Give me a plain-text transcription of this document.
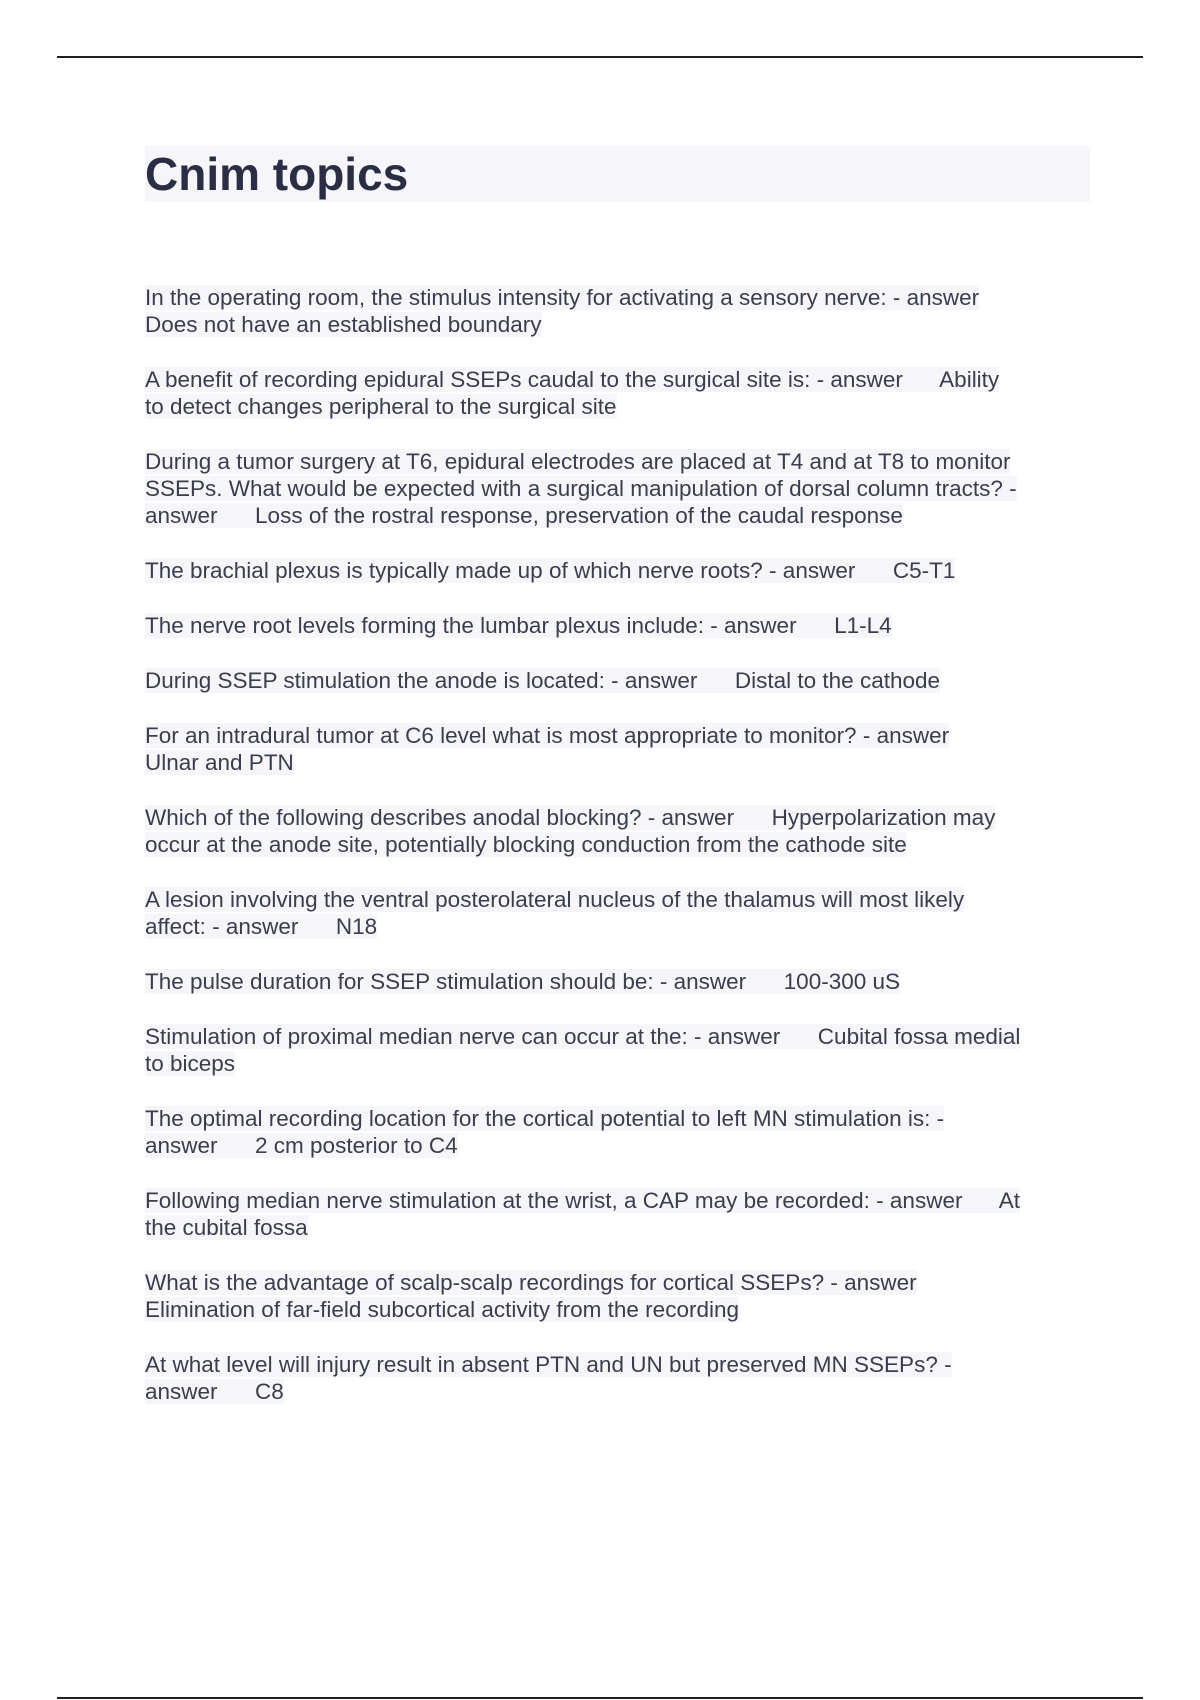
Cnim topics

In the operating room, the stimulus intensity for activating a sensory nerve: - answer
Does not have an established boundary

A benefit of recording epidural SSEPs caudal to the surgical site is: - answer      Ability
to detect changes peripheral to the surgical site

During a tumor surgery at T6, epidural electrodes are placed at T4 and at T8 to monitor
SSEPs. What would be expected with a surgical manipulation of dorsal column tracts? -
answer      Loss of the rostral response, preservation of the caudal response

The brachial plexus is typically made up of which nerve roots? - answer      C5-T1

The nerve root levels forming the lumbar plexus include: - answer      L1-L4

During SSEP stimulation the anode is located: - answer      Distal to the cathode

For an intradural tumor at C6 level what is most appropriate to monitor? - answer
Ulnar and PTN

Which of the following describes anodal blocking? - answer      Hyperpolarization may
occur at the anode site, potentially blocking conduction from the cathode site

A lesion involving the ventral posterolateral nucleus of the thalamus will most likely
affect: - answer      N18

The pulse duration for SSEP stimulation should be: - answer      100-300 uS

Stimulation of proximal median nerve can occur at the: - answer      Cubital fossa medial
to biceps

The optimal recording location for the cortical potential to left MN stimulation is: -
answer      2 cm posterior to C4

Following median nerve stimulation at the wrist, a CAP may be recorded: - answer      At
the cubital fossa

What is the advantage of scalp-scalp recordings for cortical SSEPs? - answer
Elimination of far-field subcortical activity from the recording

At what level will injury result in absent PTN and UN but preserved MN SSEPs? -
answer      C8
